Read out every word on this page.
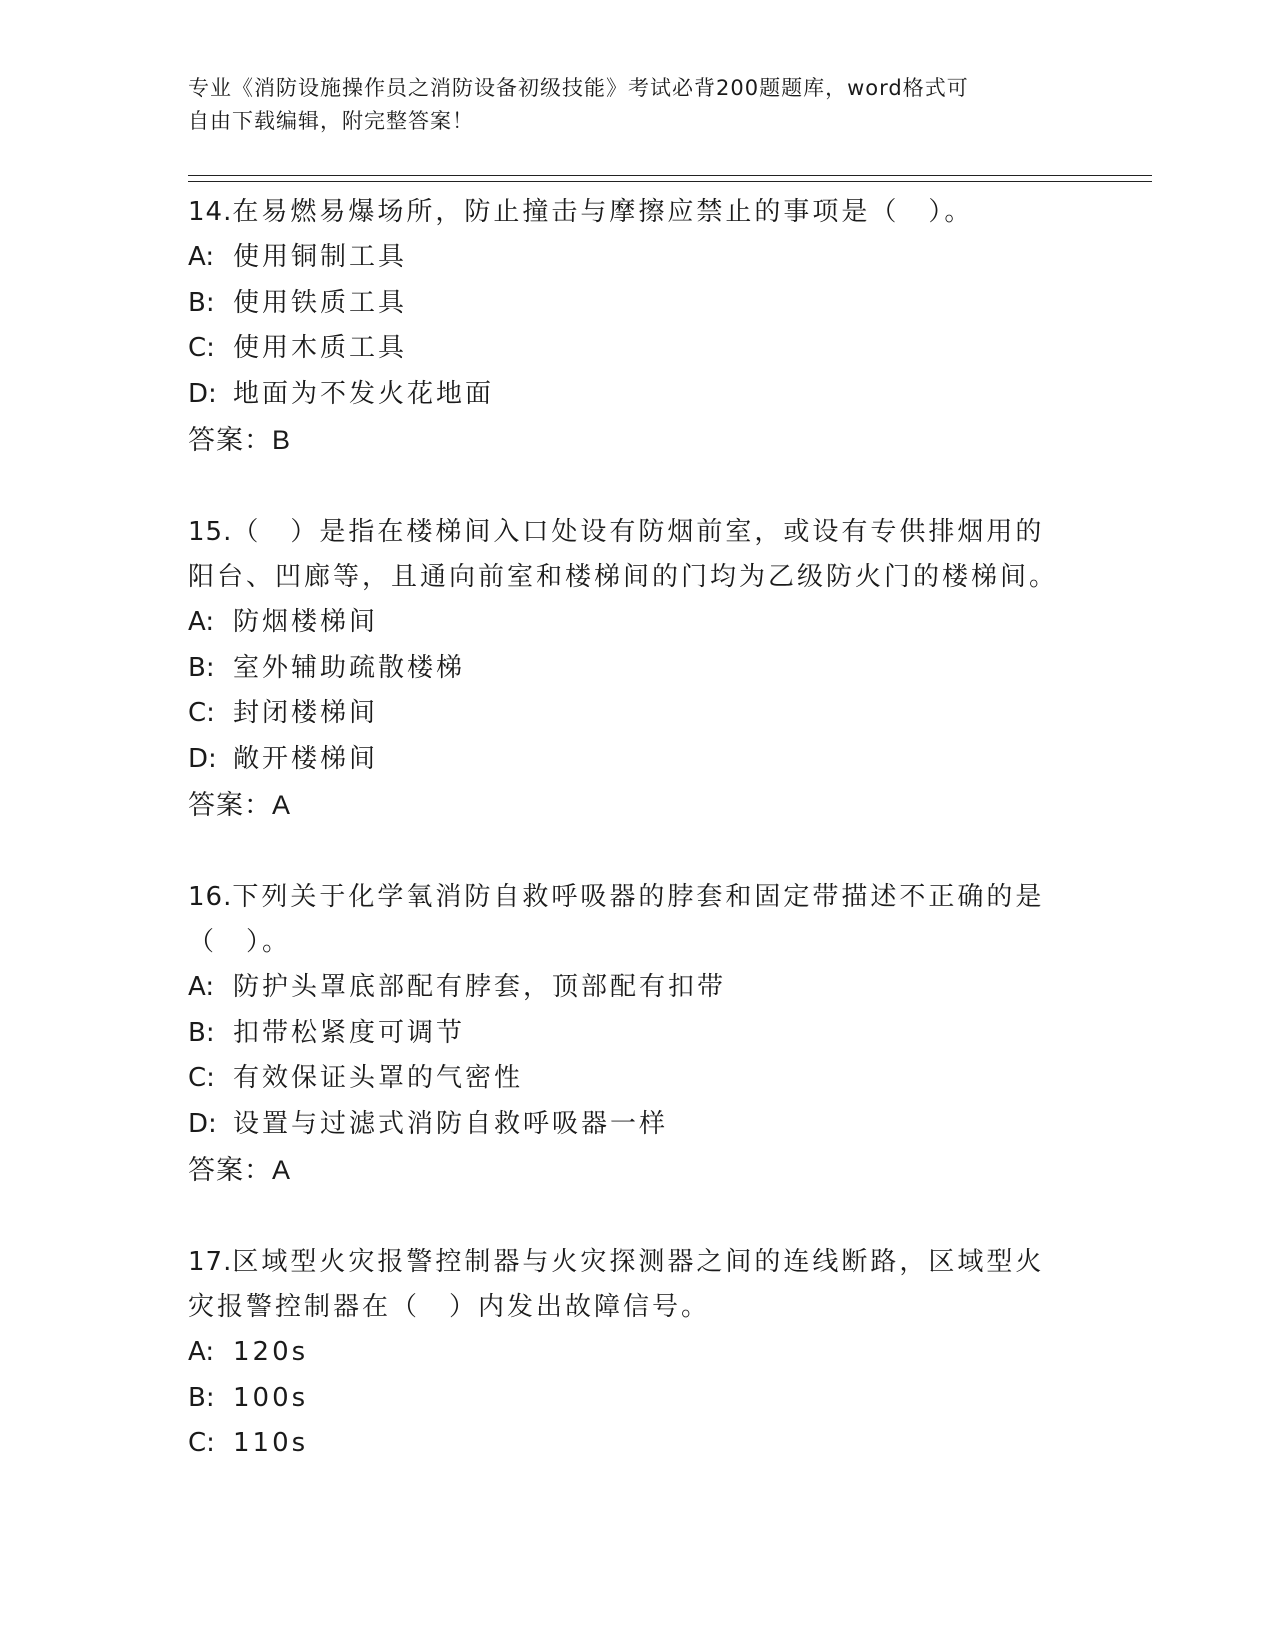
专业《消防设施操作员之消防设备初级技能》考试必背200题题库，word格式可
自由下载编辑，附完整答案！

14.在易燃易爆场所，防止撞击与摩擦应禁止的事项是（　）。

A: 使用铜制工具
B: 使用铁质工具
C: 使用木质工具
D: 地面为不发火花地面
答案：B

15.（　）是指在楼梯间入口处设有防烟前室，或设有专供排烟用的阳台、凹廊等，且通向前室和楼梯间的门均为乙级防火门的楼梯间。

A: 防烟楼梯间
B: 室外辅助疏散楼梯
C: 封闭楼梯间
D: 敞开楼梯间
答案：A

16.下列关于化学氧消防自救呼吸器的脖套和固定带描述不正确的是（　）。

A: 防护头罩底部配有脖套，顶部配有扣带
B: 扣带松紧度可调节
C: 有效保证头罩的气密性
D: 设置与过滤式消防自救呼吸器一样
答案：A

17.区域型火灾报警控制器与火灾探测器之间的连线断路，区域型火灾报警控制器在（　）内发出故障信号。

A: 120s
B: 100s
C: 110s
